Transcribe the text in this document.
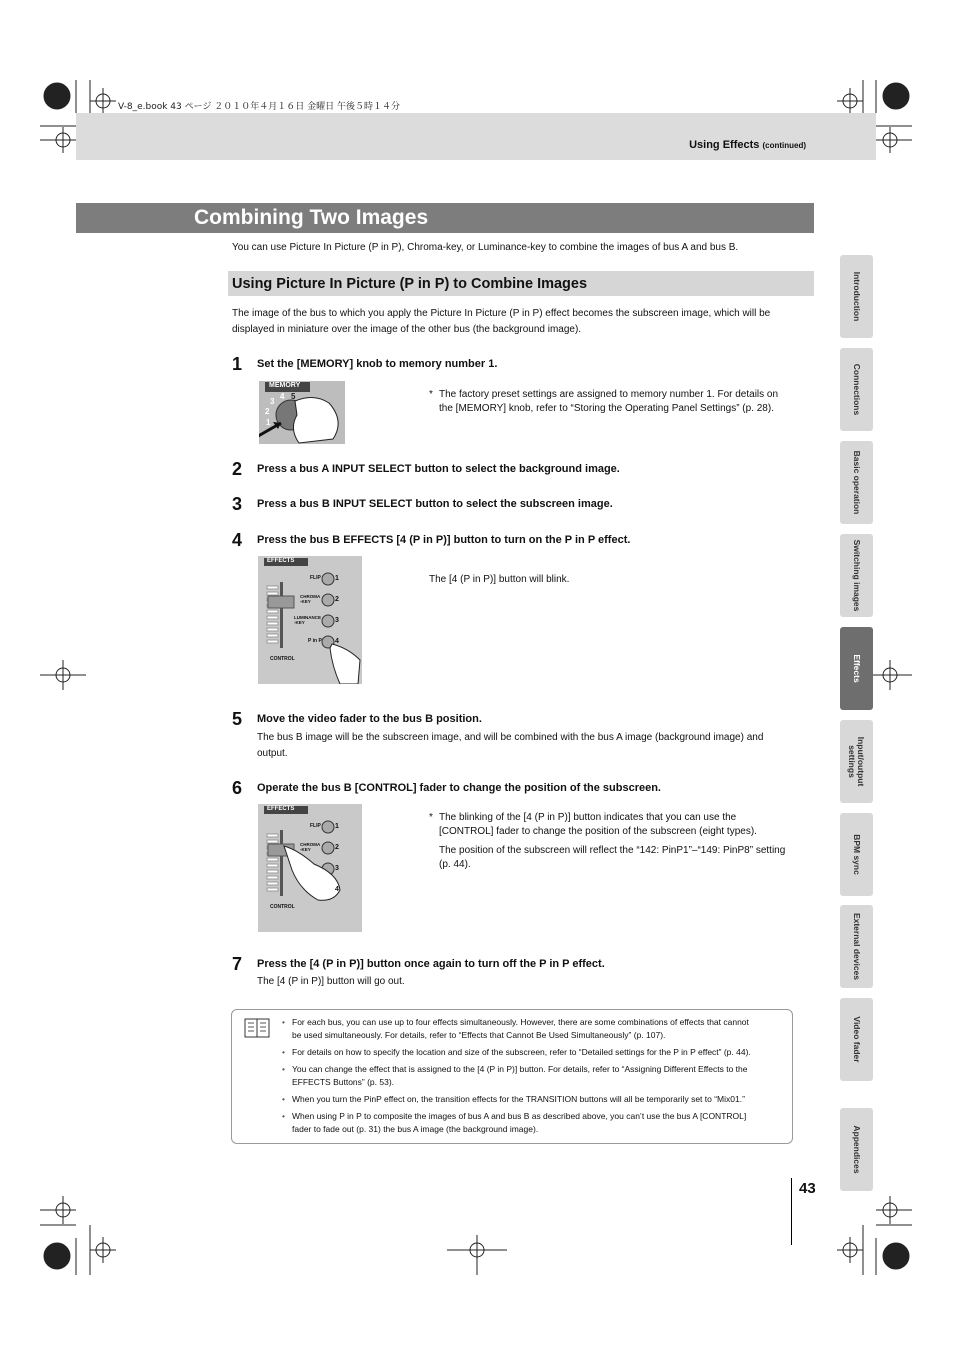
V-8_e.book 43 ページ ２０１０年４月１６日 金曜日 午後５時１４分
Using Effects (continued)
Combining Two Images
You can use Picture In Picture (P in P), Chroma-key, or Luminance-key to combine the images of bus A and bus B.
Using Picture In Picture (P in P) to Combine Images
The image of the bus to which you apply the Picture In Picture (P in P) effect becomes the subscreen image, which will be
displayed in miniature over the image of the other bus (the background image).
1 Set the [MEMORY] knob to memory number 1.
MEMORY
1
2
3
4 5	* The factory preset settings are assigned to memory number 1. For details on
the [MEMORY] knob, refer to “Storing the Operating Panel Settings” (p. 28).
2 Press a bus A INPUT SELECT button to select the background image.
3 Press a bus B INPUT SELECT button to select the subscreen image.
4 Press the bus B EFFECTS [4 (P in P)] button to turn on the P in P effect.
EFFECTS
FLIP
CHROMA
-KEY
LUMINANCE
-KEY
P in P
CONTROL
1
2
3
4
The [4 (P in P)] button will blink.
5 Move the video fader to the bus B position.
The bus B image will be the subscreen image, and will be combined with the bus A image (background image) and
output.
6 Operate the bus B [CONTROL] fader to change the position of the subscreen.
EFFECTS
FLIP
CHROMA
-KEY
CONTROL
1
2
3
4
* The blinking of the [4 (P in P)] button indicates that you can use the
[CONTROL] fader to change the position of the subscreen (eight types).
The position of the subscreen will reflect the “142: PinP1”–“149: PinP8” setting
(p. 44).
7 Press the [4 (P in P)] button once again to turn off the P in P effect.
The [4 (P in P)] button will go out.
• For each bus, you can use up to four effects simultaneously. However, there are some combinations of effects that cannot
be used simultaneously. For details, refer to “Effects that Cannot Be Used Simultaneously” (p. 107).
• For details on how to specify the location and size of the subscreen, refer to “Detailed settings for the P in P effect” (p. 44).
• You can change the effect that is assigned to the [4 (P in P)] button. For details, refer to “Assigning Different Effects to the
EFFECTS Buttons” (p. 53).
• When you turn the PinP effect on, the transition effects for the TRANSITION buttons will all be temporarily set to “Mix01.”
• When using P in P to composite the images of bus A and bus B as described above, you can’t use the bus A [CONTROL]
fader to fade out (p. 31) the bus A image (the background image).
Introduction
Connections
Basic operation
Switching images
Effects
Input/output settings
BPM sync
External devices
Video fader
Appendices
43
